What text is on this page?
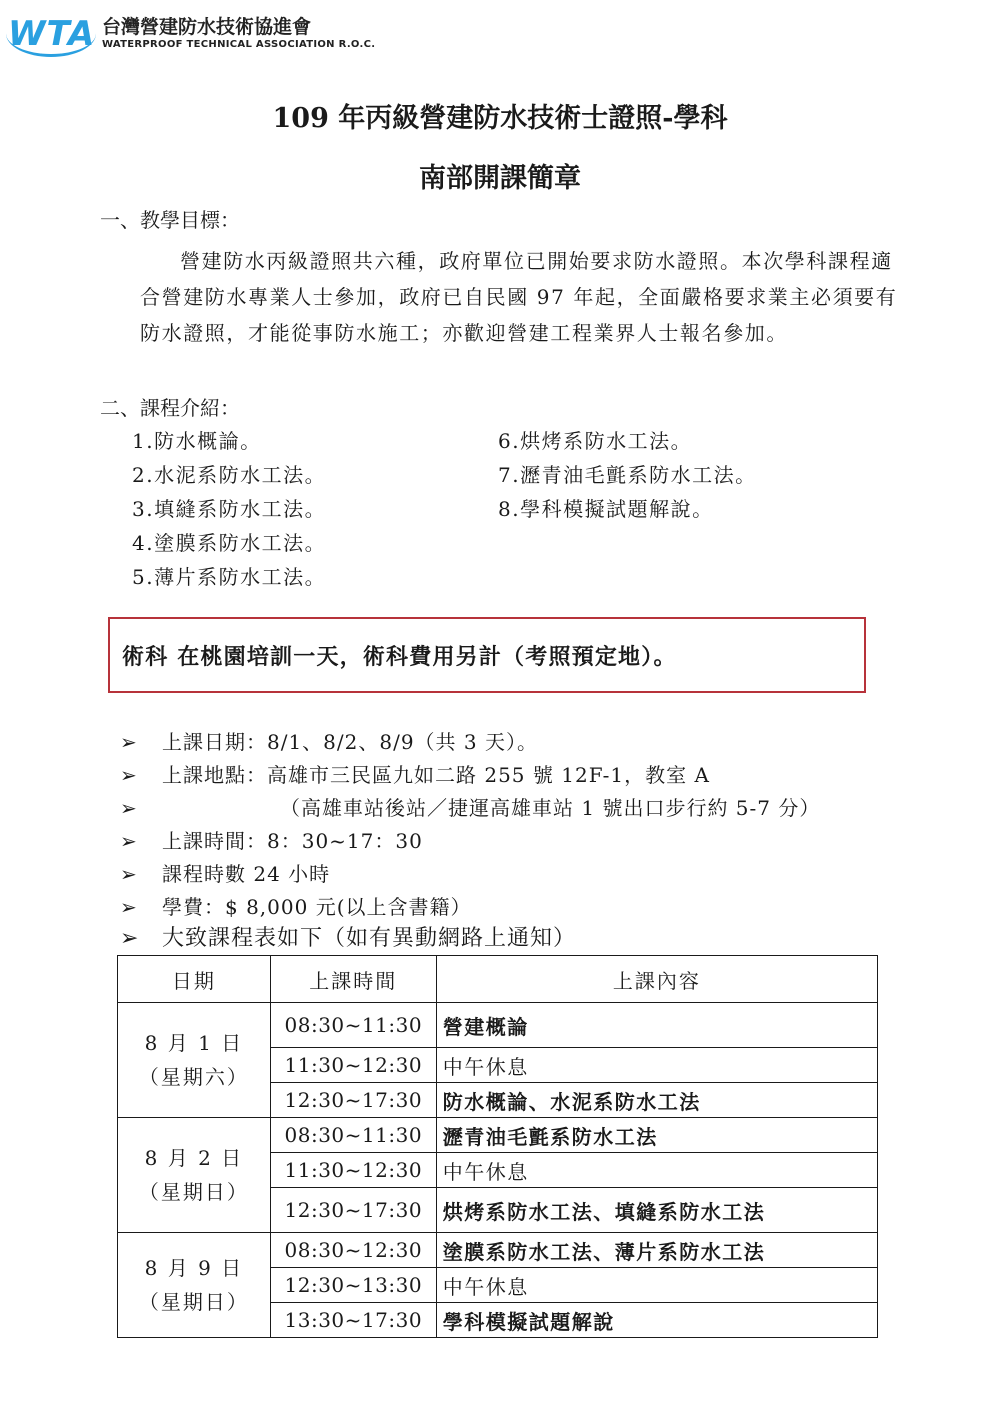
WTA 台灣營建防水技術協進會
WATERPROOF TECHNICAL ASSOCIATION R.O.C.
109 年丙級營建防水技術士證照-學科
南部開課簡章
一、教學目標：
營建防水丙級證照共六種，政府單位已開始要求防水證照。本次學科課程適合營建防水專業人士參加，政府已自民國 97 年起，全面嚴格要求業主必須要有防水證照，才能從事防水施工；亦歡迎營建工程業界人士報名參加。
二、課程介紹：
1.防水概論。
2.水泥系防水工法。
3.填縫系防水工法。
4.塗膜系防水工法。
5.薄片系防水工法。
6.烘烤系防水工法。
7.瀝青油毛氈系防水工法。
8.學科模擬試題解說。
術科 在桃園培訓一天，術科費用另計（考照預定地）。
➢ 上課日期：8/1、8/2、8/9（共 3 天）。
➢ 上課地點：高雄市三民區九如二路 255 號 12F-1，教室 A
➢	（高雄車站後站／捷運高雄車站 1 號出口步行約 5-7 分）
➢ 上課時間：8：30~17：30
➢ 課程時數 24 小時
➢ 學費：$ 8,000 元(以上含書籍）
➢ 大致課程表如下（如有異動網路上通知）
日期	上課時間	上課內容

8 月 1 日
（星期六）	08:30~11:30	營建概論
	11:30~12:30	中午休息
	12:30~17:30	防水概論、水泥系防水工法

8 月 2 日
（星期日）	08:30~11:30	瀝青油毛氈系防水工法
	11:30~12:30	中午休息
	12:30~17:30	烘烤系防水工法、填縫系防水工法

8 月 9 日
（星期日）	08:30~12:30	塗膜系防水工法、薄片系防水工法
	12:30~13:30	中午休息
	13:30~17:30	學科模擬試題解說
